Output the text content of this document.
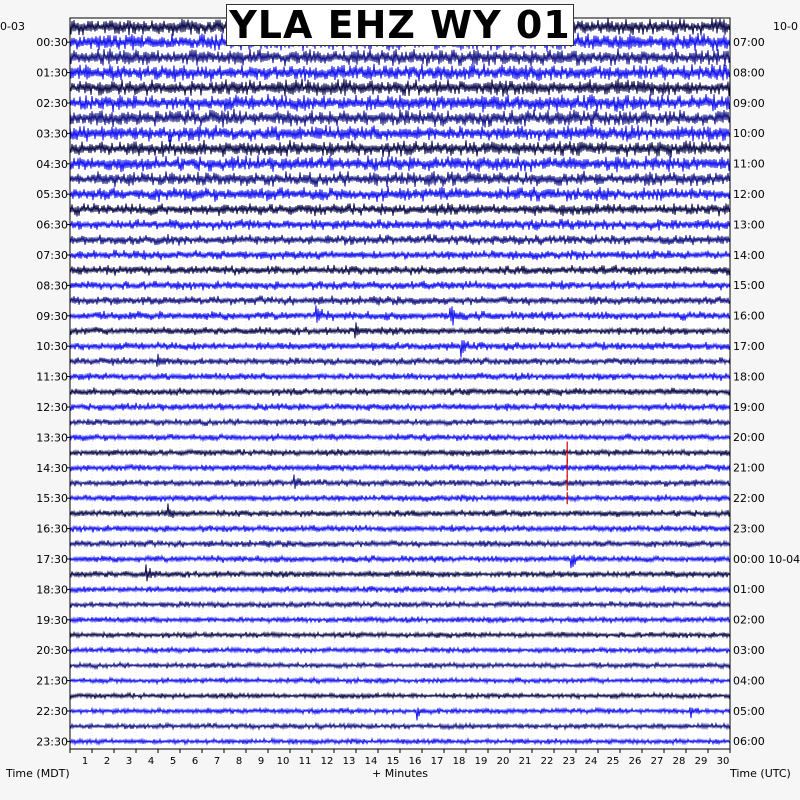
1 2 3 4 5 6 7 8 9 10 11 12 13 14 15 16 17 18 19 20 21 22 23 24 25 26 27 28 29 30
00:30
01:30
02:30
03:30
04:30
05:30
06:30
07:30
08:30
09:30
10:30
11:30
12:30
13:30
14:30
15:30
16:30
17:30
18:30
19:30
20:30
21:30
22:30
23:30
07:00
08:00
09:00
10:00
11:00
12:00
13:00
14:00
15:00
16:00
17:00
18:00
19:00
20:00
21:00
22:00
23:00
00:00 10-04
01:00
02:00
03:00
04:00
05:00
06:00
YLA EHZ WY 01
0-03	10-0
Time (MDT)	+ Minutes	Time (UTC)
